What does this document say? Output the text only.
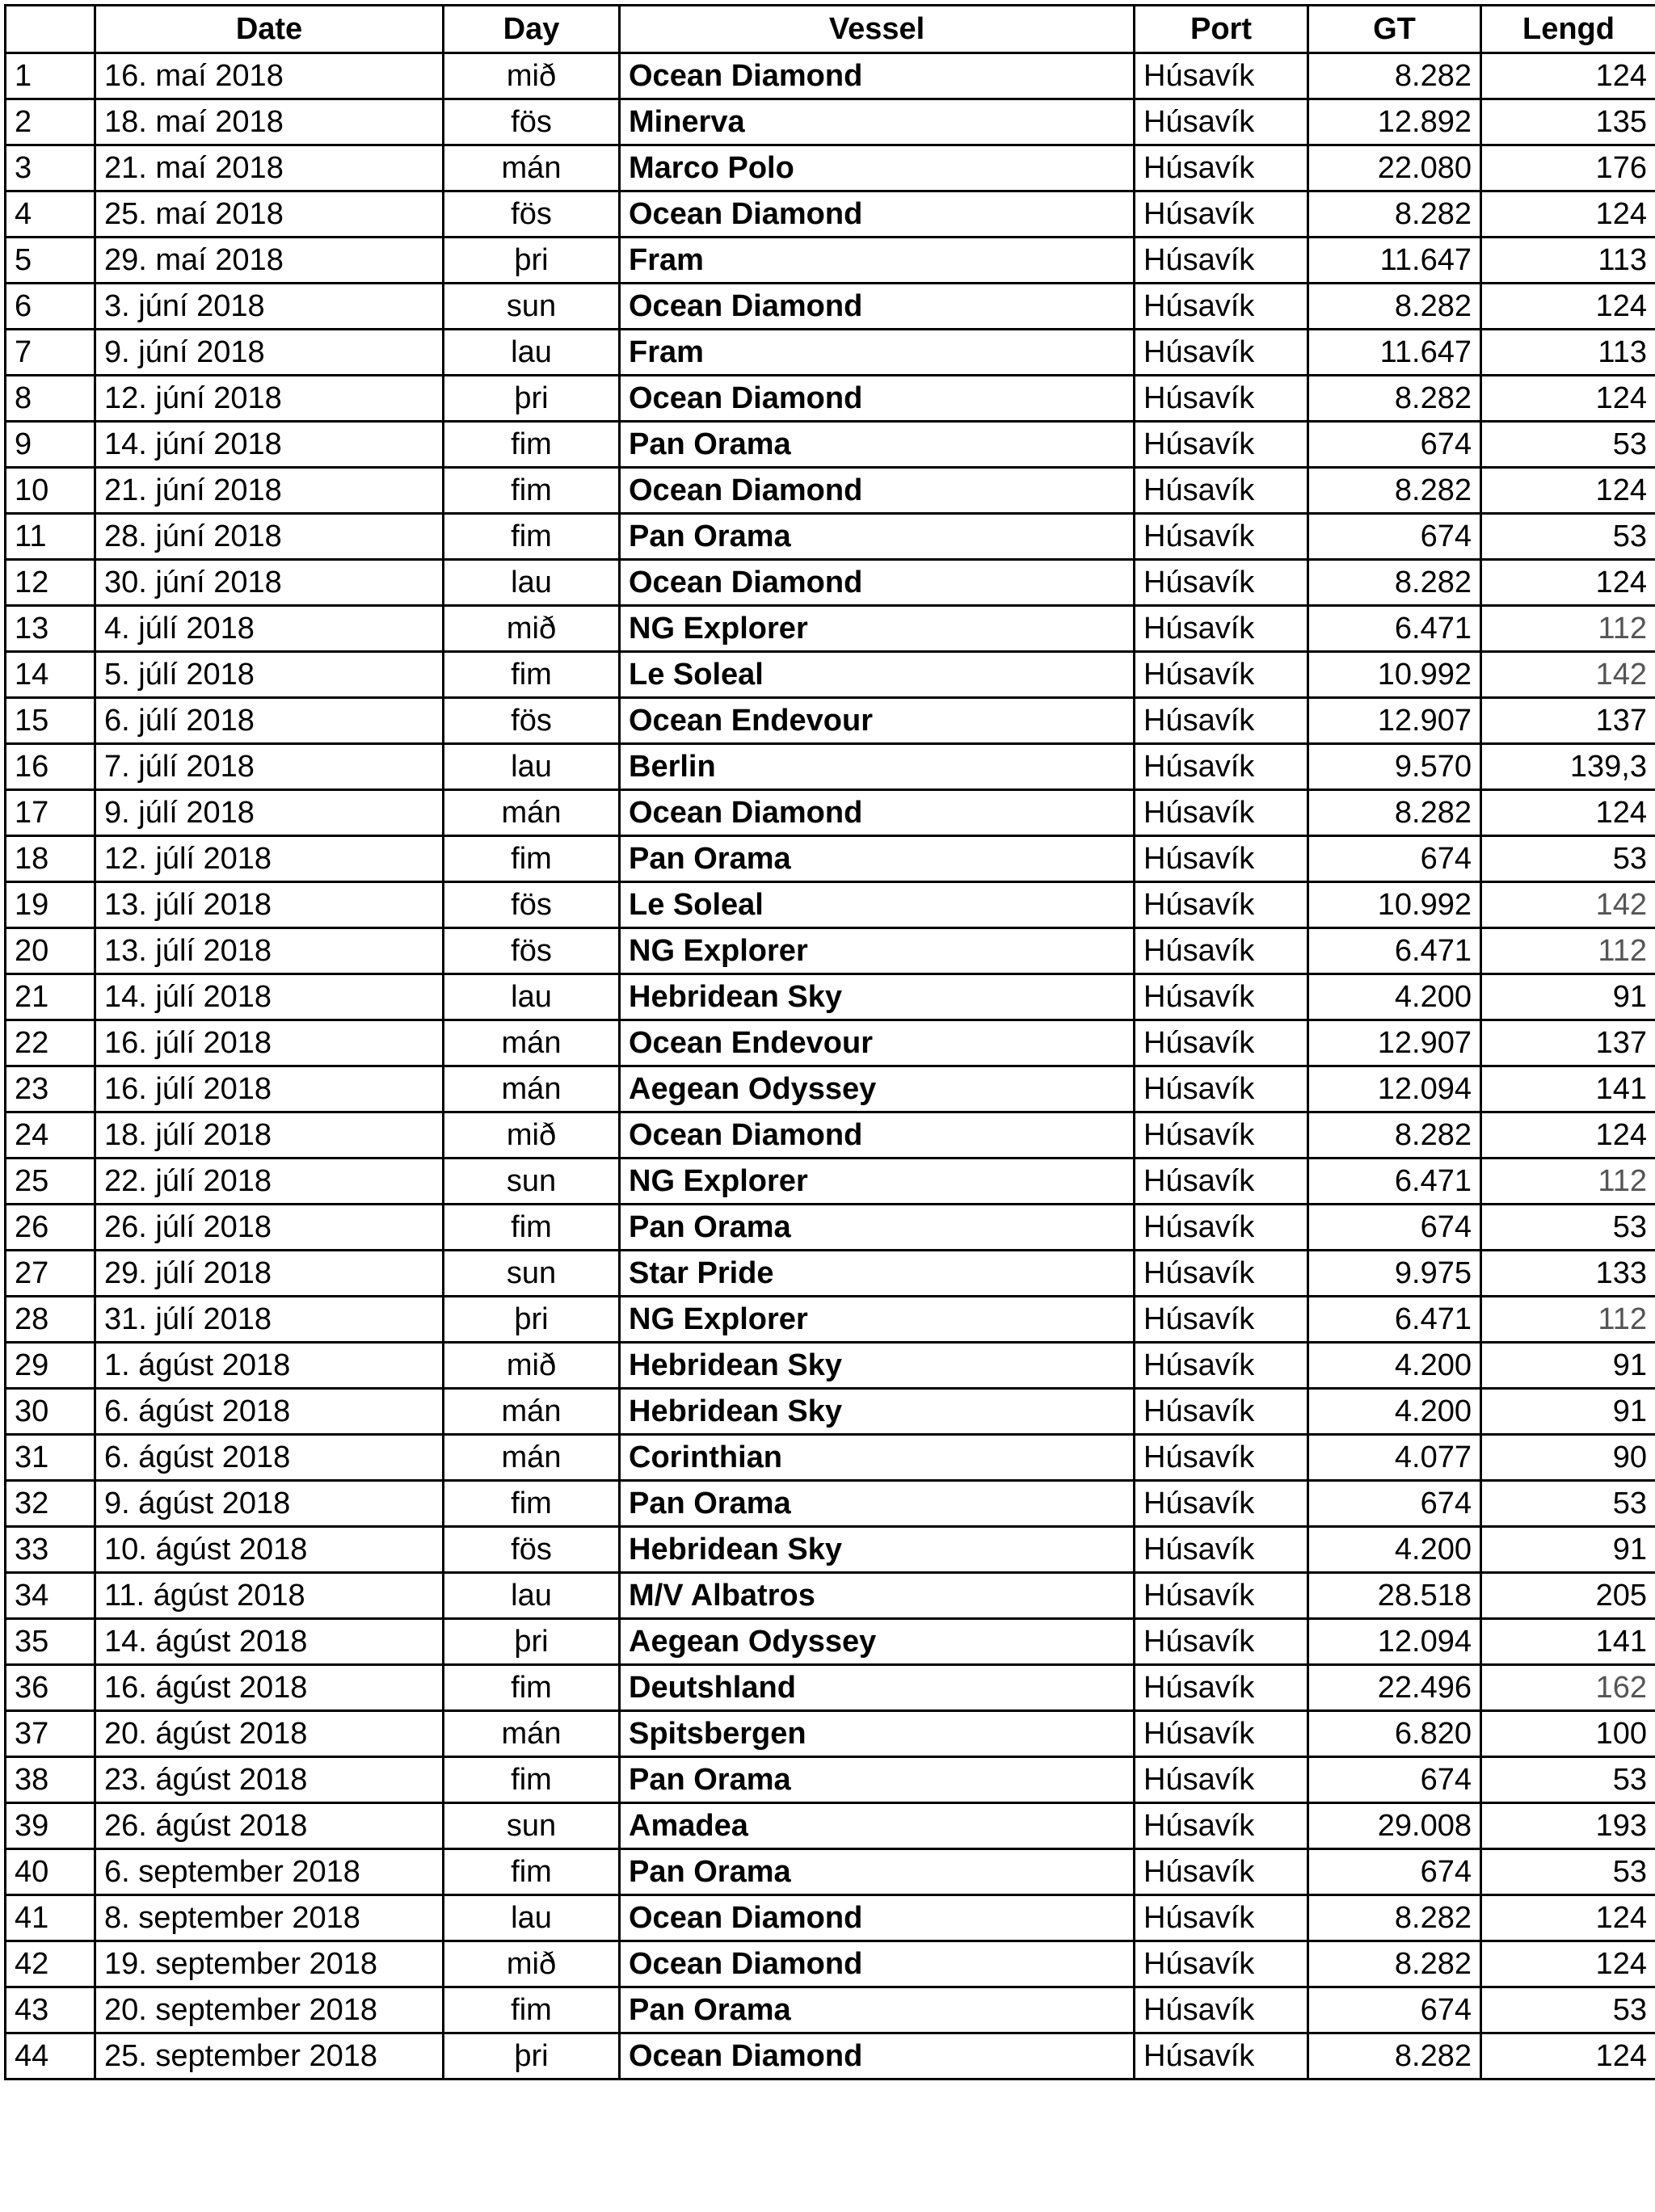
	Date	Day	Vessel	Port	GT	Lengd
1	16. maí 2018	mið	Ocean Diamond	Húsavík	8.282	124
2	18. maí 2018	fös	Minerva	Húsavík	12.892	135
3	21. maí 2018	mán	Marco Polo	Húsavík	22.080	176
4	25. maí 2018	fös	Ocean Diamond	Húsavík	8.282	124
5	29. maí 2018	þri	Fram	Húsavík	11.647	113
6	3. júní 2018	sun	Ocean Diamond	Húsavík	8.282	124
7	9. júní 2018	lau	Fram	Húsavík	11.647	113
8	12. júní 2018	þri	Ocean Diamond	Húsavík	8.282	124
9	14. júní 2018	fim	Pan Orama	Húsavík	674	53
10	21. júní 2018	fim	Ocean Diamond	Húsavík	8.282	124
11	28. júní 2018	fim	Pan Orama	Húsavík	674	53
12	30. júní 2018	lau	Ocean Diamond	Húsavík	8.282	124
13	4. júlí 2018	mið	NG Explorer	Húsavík	6.471	112
14	5. júlí 2018	fim	Le Soleal	Húsavík	10.992	142
15	6. júlí 2018	fös	Ocean Endevour	Húsavík	12.907	137
16	7. júlí 2018	lau	Berlin	Húsavík	9.570	139,3
17	9. júlí 2018	mán	Ocean Diamond	Húsavík	8.282	124
18	12. júlí 2018	fim	Pan Orama	Húsavík	674	53
19	13. júlí 2018	fös	Le Soleal	Húsavík	10.992	142
20	13. júlí 2018	fös	NG Explorer	Húsavík	6.471	112
21	14. júlí 2018	lau	Hebridean Sky	Húsavík	4.200	91
22	16. júlí 2018	mán	Ocean Endevour	Húsavík	12.907	137
23	16. júlí 2018	mán	Aegean Odyssey	Húsavík	12.094	141
24	18. júlí 2018	mið	Ocean Diamond	Húsavík	8.282	124
25	22. júlí 2018	sun	NG Explorer	Húsavík	6.471	112
26	26. júlí 2018	fim	Pan Orama	Húsavík	674	53
27	29. júlí 2018	sun	Star Pride	Húsavík	9.975	133
28	31. júlí 2018	þri	NG Explorer	Húsavík	6.471	112
29	1. ágúst 2018	mið	Hebridean Sky	Húsavík	4.200	91
30	6. ágúst 2018	mán	Hebridean Sky	Húsavík	4.200	91
31	6. ágúst 2018	mán	Corinthian	Húsavík	4.077	90
32	9. ágúst 2018	fim	Pan Orama	Húsavík	674	53
33	10. ágúst 2018	fös	Hebridean Sky	Húsavík	4.200	91
34	11. ágúst 2018	lau	M/V Albatros	Húsavík	28.518	205
35	14. ágúst 2018	þri	Aegean Odyssey	Húsavík	12.094	141
36	16. ágúst 2018	fim	Deutshland	Húsavík	22.496	162
37	20. ágúst 2018	mán	Spitsbergen	Húsavík	6.820	100
38	23. ágúst 2018	fim	Pan Orama	Húsavík	674	53
39	26. ágúst 2018	sun	Amadea	Húsavík	29.008	193
40	6. september 2018	fim	Pan Orama	Húsavík	674	53
41	8. september 2018	lau	Ocean Diamond	Húsavík	8.282	124
42	19. september 2018	mið	Ocean Diamond	Húsavík	8.282	124
43	20. september 2018	fim	Pan Orama	Húsavík	674	53
44	25. september 2018	þri	Ocean Diamond	Húsavík	8.282	124
